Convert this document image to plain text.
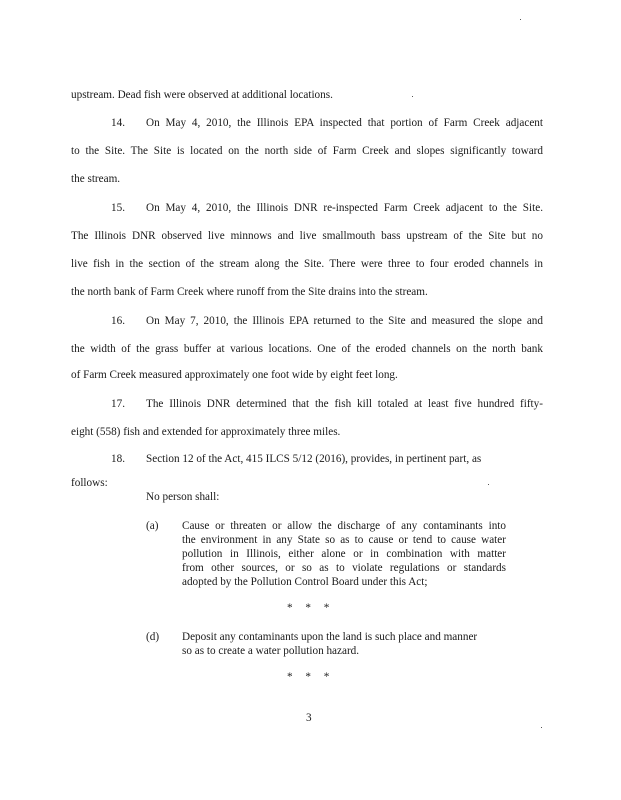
upstream. Dead fish were observed at additional locations.
14. On May 4, 2010, the Illinois EPA inspected that portion of Farm Creek adjacent
to the Site. The Site is located on the north side of Farm Creek and slopes significantly toward
the stream.
15. On May 4, 2010, the Illinois DNR re-inspected Farm Creek adjacent to the Site.
The Illinois DNR observed live minnows and live smallmouth bass upstream of the Site but no
live fish in the section of the stream along the Site. There were three to four eroded channels in
the north bank of Farm Creek where runoff from the Site drains into the stream.
16. On May 7, 2010, the Illinois EPA returned to the Site and measured the slope and
the width of the grass buffer at various locations. One of the eroded channels on the north bank
of Farm Creek measured approximately one foot wide by eight feet long.
17. The Illinois DNR determined that the fish kill totaled at least five hundred fifty-
eight (558) fish and extended for approximately three miles.
18. Section 12 of the Act, 415 ILCS 5/12 (2016), provides, in pertinent part, as
follows:
No person shall:
(a) Cause or threaten or allow the discharge of any contaminants into
the environment in any State so as to cause or tend to cause water
pollution in Illinois, either alone or in combination with matter
from other sources, or so as to violate regulations or standards
adopted by the Pollution Control Board under this Act;
* * *
(d) Deposit any contaminants upon the land is such place and manner
so as to create a water pollution hazard.
* * *
3
